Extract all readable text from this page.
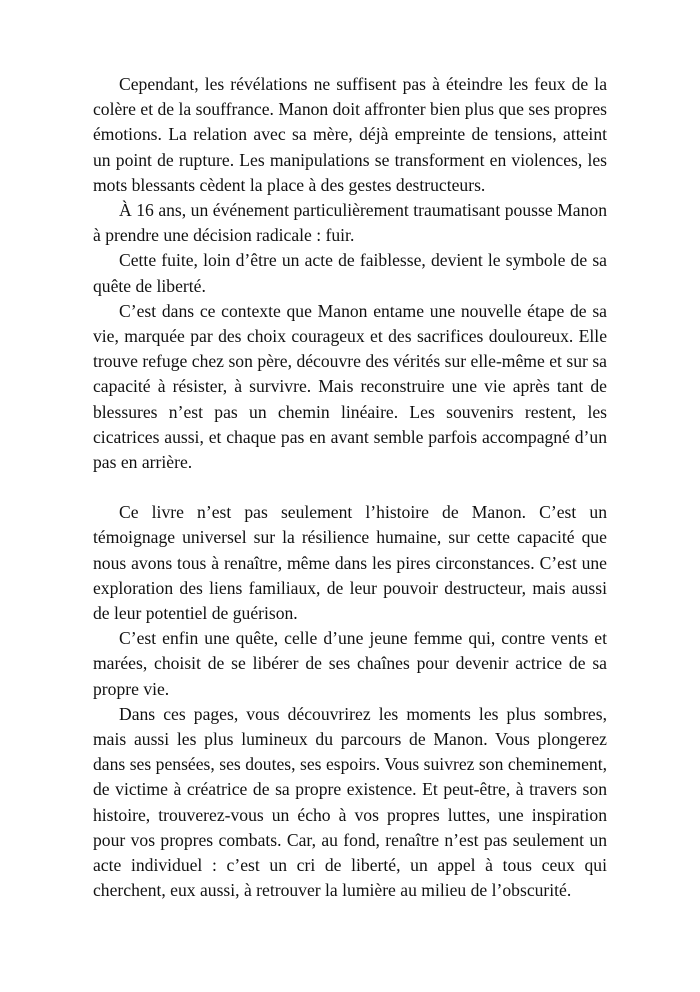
Cependant, les révélations ne suffisent pas à éteindre les feux de la colère et de la souffrance. Manon doit affronter bien plus que ses propres émotions. La relation avec sa mère, déjà empreinte de tensions, atteint un point de rupture. Les manipulations se transforment en violences, les mots blessants cèdent la place à des gestes destructeurs.

À 16 ans, un événement particulièrement traumatisant pousse Manon à prendre une décision radicale : fuir.

Cette fuite, loin d’être un acte de faiblesse, devient le symbole de sa quête de liberté.

C’est dans ce contexte que Manon entame une nouvelle étape de sa vie, marquée par des choix courageux et des sacrifices douloureux. Elle trouve refuge chez son père, découvre des vérités sur elle-même et sur sa capacité à résister, à survivre. Mais reconstruire une vie après tant de blessures n’est pas un chemin linéaire. Les souvenirs restent, les cicatrices aussi, et chaque pas en avant semble parfois accompagné d’un pas en arrière.

Ce livre n’est pas seulement l’histoire de Manon. C’est un témoignage universel sur la résilience humaine, sur cette capacité que nous avons tous à renaître, même dans les pires circonstances. C’est une exploration des liens familiaux, de leur pouvoir destructeur, mais aussi de leur potentiel de guérison.

C’est enfin une quête, celle d’une jeune femme qui, contre vents et marées, choisit de se libérer de ses chaînes pour devenir actrice de sa propre vie.

Dans ces pages, vous découvrirez les moments les plus sombres, mais aussi les plus lumineux du parcours de Manon. Vous plongerez dans ses pensées, ses doutes, ses espoirs. Vous suivrez son cheminement, de victime à créatrice de sa propre existence. Et peut-être, à travers son histoire, trouverez-vous un écho à vos propres luttes, une inspiration pour vos propres combats. Car, au fond, renaître n’est pas seulement un acte individuel : c’est un cri de liberté, un appel à tous ceux qui cherchent, eux aussi, à retrouver la lumière au milieu de l’obscurité.
